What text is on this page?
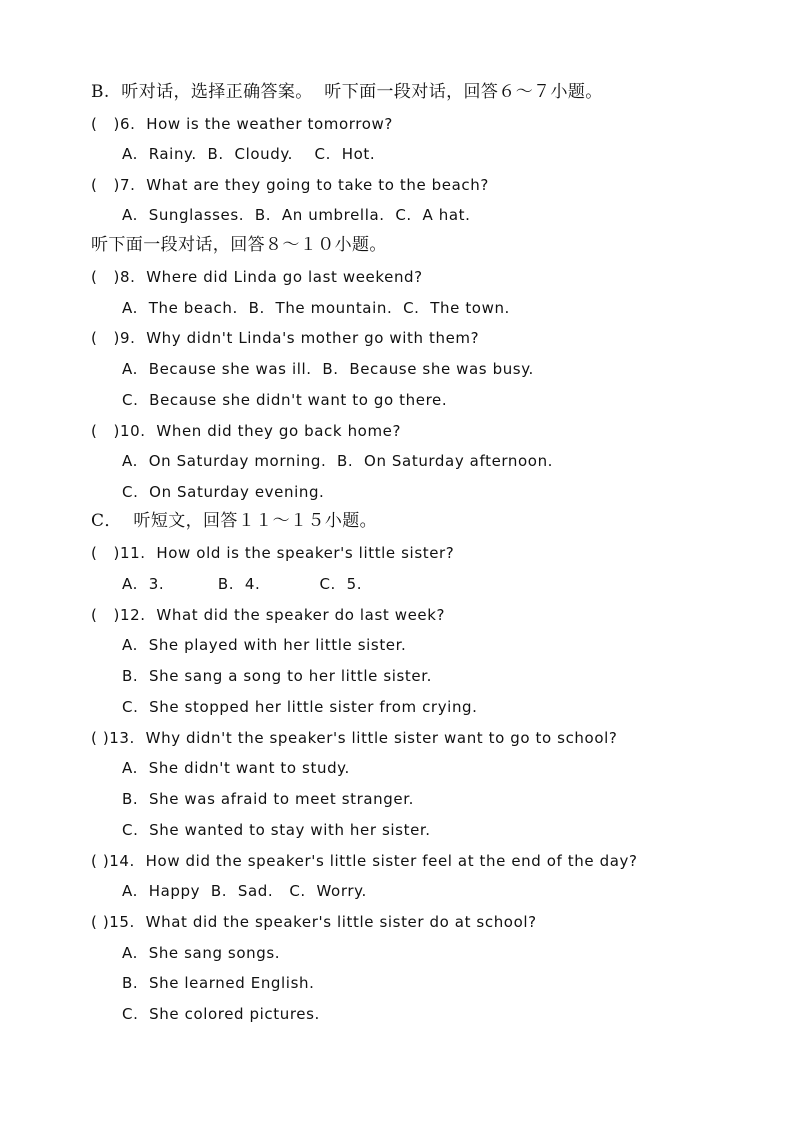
B.  听对话，选择正确答案。  听下面一段对话，回答６～７小题。
(   )6.  How is the weather tomorrow?
A.  Rainy.  B.  Cloudy.    C.  Hot.
(   )7.  What are they going to take to the beach?
A.  Sunglasses.  B.  An umbrella.  C.  A hat.
听下面一段对话，回答８～１０小题。
(   )8.  Where did Linda go last weekend?
A.  The beach.  B.  The mountain.  C.  The town.
(   )9.  Why didn't Linda's mother go with them?
A.  Because she was ill.  B.  Because she was busy.
C.  Because she didn't want to go there.
(   )10.  When did they go back home?
A.  On Saturday morning.  B.  On Saturday afternoon.
C.  On Saturday evening.
C．  听短文，回答１１～１５小题。
(   )11.  How old is the speaker's little sister?
A.  3.          B.  4.           C.  5.
(   )12.  What did the speaker do last week?
A.  She played with her little sister.
B.  She sang a song to her little sister.
C.  She stopped her little sister from crying.
( )13.  Why didn't the speaker's little sister want to go to school?
A.  She didn't want to study.
B.  She was afraid to meet stranger.
C.  She wanted to stay with her sister.
( )14.  How did the speaker's little sister feel at the end of the day?
A.  Happy  B.  Sad.   C.  Worry.
( )15.  What did the speaker's little sister do at school?
A.  She sang songs.
B.  She learned English.
C.  She colored pictures.
